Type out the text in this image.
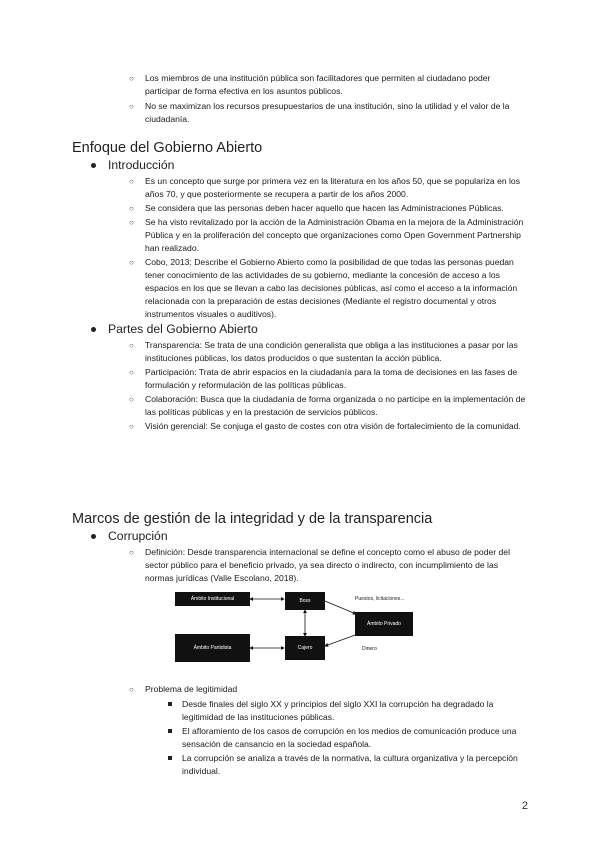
○ Los miembros de una institución pública son facilitadores que permiten al ciudadano poder participar de forma efectiva en los asuntos públicos.
○ No se maximizan los recursos presupuestarios de una institución, sino la utilidad y el valor de la ciudadanía.
Enfoque del Gobierno Abierto
Introducción
○ Es un concepto que surge por primera vez en la literatura en los años 50, que se populariza en los años 70, y que posteriormente se recupera a partir de los años 2000.
○ Se considera que las personas deben hacer aquello que hacen las Administraciones Públicas.
○ Se ha visto revitalizado por la acción de la Administración Obama en la mejora de la Administración Pública y en la proliferación del concepto que organizaciones como Open Government Partnership han realizado.
○ Cobo, 2013: Describe el Gobierno Abierto como la posibilidad de que todas las personas puedan tener conocimiento de las actividades de su gobierno, mediante la concesión de acceso a los espacios en los que se llevan a cabo las decisiones públicas, así como el acceso a la información relacionada con la preparación de estas decisiones (Mediante el registro documental y otros instrumentos visuales o auditivos).
Partes del Gobierno Abierto
○ Transparencia: Se trata de una condición generalista que obliga a las instituciones a pasar por las instituciones públicas, los datos producidos o que sustentan la acción pública.
○ Participación: Trata de abrir espacios en la ciudadanía para la toma de decisiones en las fases de formulación y reformulación de las políticas públicas.
○ Colaboración: Busca que la ciudadanía de forma organizada o no participe en la implementación de las políticas públicas y en la prestación de servicios públicos.
○ Visión gerencial: Se conjuga el gasto de costes con otra visión de fortalecimiento de la comunidad.
Marcos de gestión de la integridad y de la transparencia
Corrupción
○ Definición: Desde transparencia internacional se define el concepto como el abuso de poder del sector público para el beneficio privado, ya sea directo o indirecto, con incumplimiento de las normas jurídicas (Valle Escolano, 2018).
Ámbito Institucional	Boss
Ámbito Privado
Ámbito Partidista	Cajero
Puestos, licitaciones...
Dinero
○ Problema de legitimidad
Desde finales del siglo XX y principios del siglo XXI la corrupción ha degradado la legitimidad de las instituciones públicas.
El afloramiento de los casos de corrupción en los medios de comunicación produce una sensación de cansancio en la sociedad española.
La corrupción se analiza a través de la normativa, la cultura organizativa y la percepción individual.
2
